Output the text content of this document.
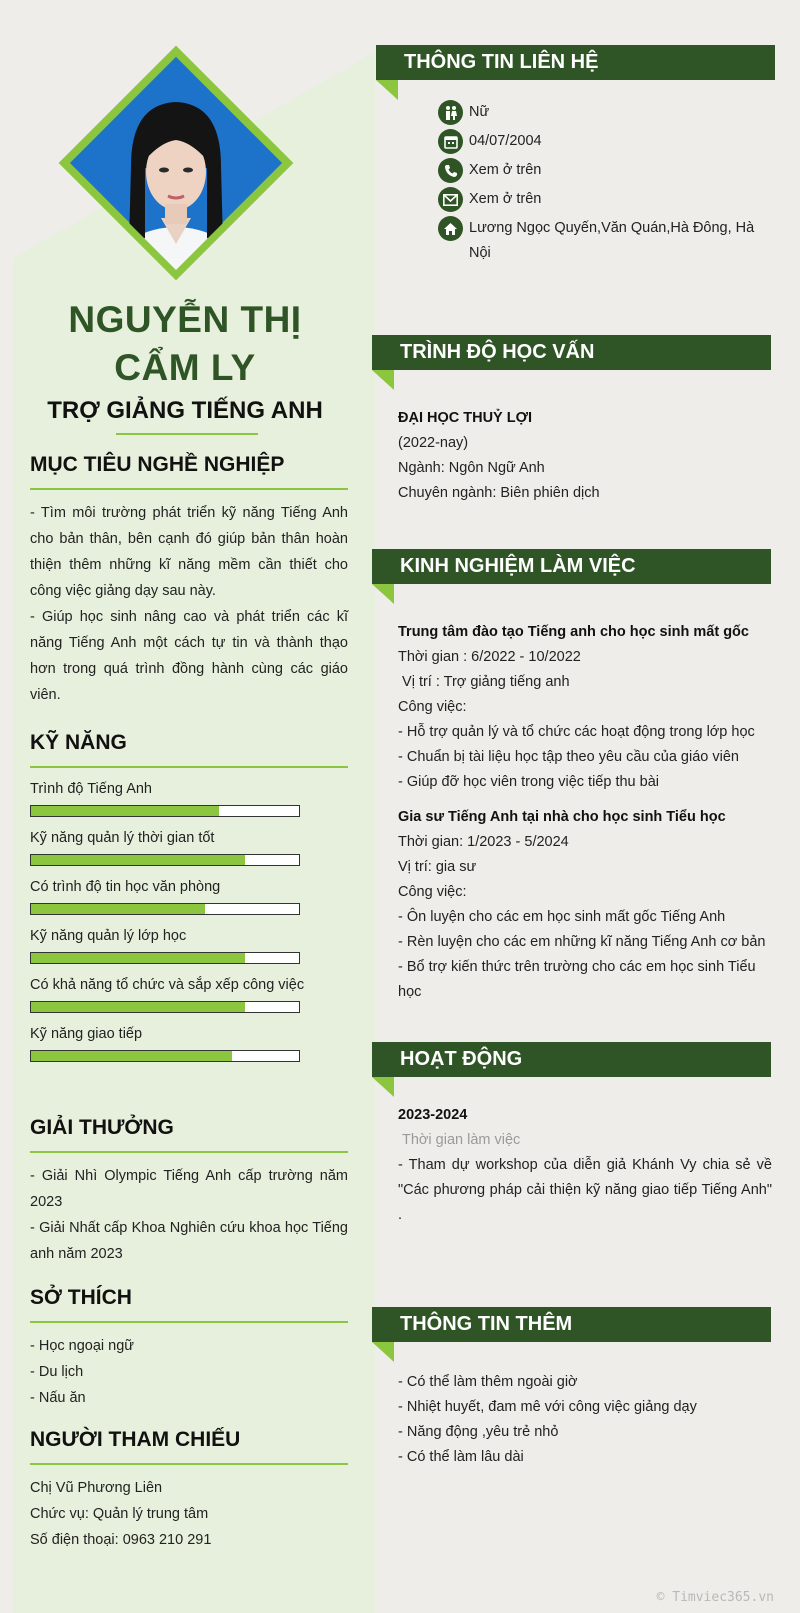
NGUYỄN THỊ CẨM LY
TRỢ GIẢNG TIẾNG ANH
MỤC TIÊU NGHỀ NGHIỆP

- Tìm môi trường phát triển kỹ năng Tiếng Anh cho bản thân, bên cạnh đó giúp bản thân hoàn thiện thêm những kĩ năng mềm cần thiết cho công việc giảng dạy sau này.

- Giúp học sinh nâng cao và phát triển các kĩ năng Tiếng Anh một cách tự tin và thành thạo hơn trong quá trình đồng hành cùng các giáo viên.

KỸ NĂNG
Trình độ Tiếng Anh
Kỹ năng quản lý thời gian tốt
Có trình độ tin học văn phòng
Kỹ năng quản lý lớp học
Có khả năng tổ chức và sắp xếp công việc
Kỹ năng giao tiếp
GIẢI THƯỞNG

- Giải Nhì Olympic Tiếng Anh cấp trường năm 2023

- Giải Nhất cấp Khoa Nghiên cứu khoa học Tiếng anh năm 2023

SỞ THÍCH

- Học ngoại ngữ

- Du lịch

- Nấu ăn

NGƯỜI THAM CHIẾU

Chị Vũ Phương Liên

Chức vụ: Quản lý trung tâm

Số điện thoại: 0963 210 291

THÔNG TIN LIÊN HỆ
Nữ
04/07/2004
Xem ở trên
Xem ở trên
Lương Ngọc Quyến,Văn Quán,Hà Đông, Hà Nội
TRÌNH ĐỘ HỌC VẤN

ĐẠI HỌC THUỶ LỢI

(2022-nay)

Ngành: Ngôn Ngữ Anh

Chuyên ngành: Biên phiên dịch

KINH NGHIỆM LÀM VIỆC

Trung tâm đào tạo Tiếng anh cho học sinh mất gốc

Thời gian : 6/2022 - 10/2022

Vị trí : Trợ giảng tiếng anh

Công việc:

- Hỗ trợ quản lý và tổ chức các hoạt động trong lớp học

- Chuẩn bị tài liệu học tập theo yêu cầu của giáo viên

- Giúp đỡ học viên trong việc tiếp thu bài

Gia sư Tiếng Anh tại nhà cho học sinh Tiểu học

Thời gian: 1/2023 - 5/2024

Vị trí: gia sư

Công việc:

- Ôn luyện cho các em học sinh mất gốc Tiếng Anh

- Rèn luyện cho các em những kĩ năng Tiếng Anh cơ bản

- Bổ trợ kiến thức trên trường cho các em học sinh Tiểu học

HOẠT ĐỘNG

2023-2024

Thời gian làm việc

- Tham dự workshop của diễn giả Khánh Vy chia sẻ về "Các phương pháp cải thiện kỹ năng giao tiếp Tiếng Anh" .

THÔNG TIN THÊM

- Có thể làm thêm ngoài giờ

- Nhiệt huyết, đam mê với công việc giảng dạy

- Năng động ,yêu trẻ nhỏ

- Có thể làm lâu dài

© Timviec365.vn
